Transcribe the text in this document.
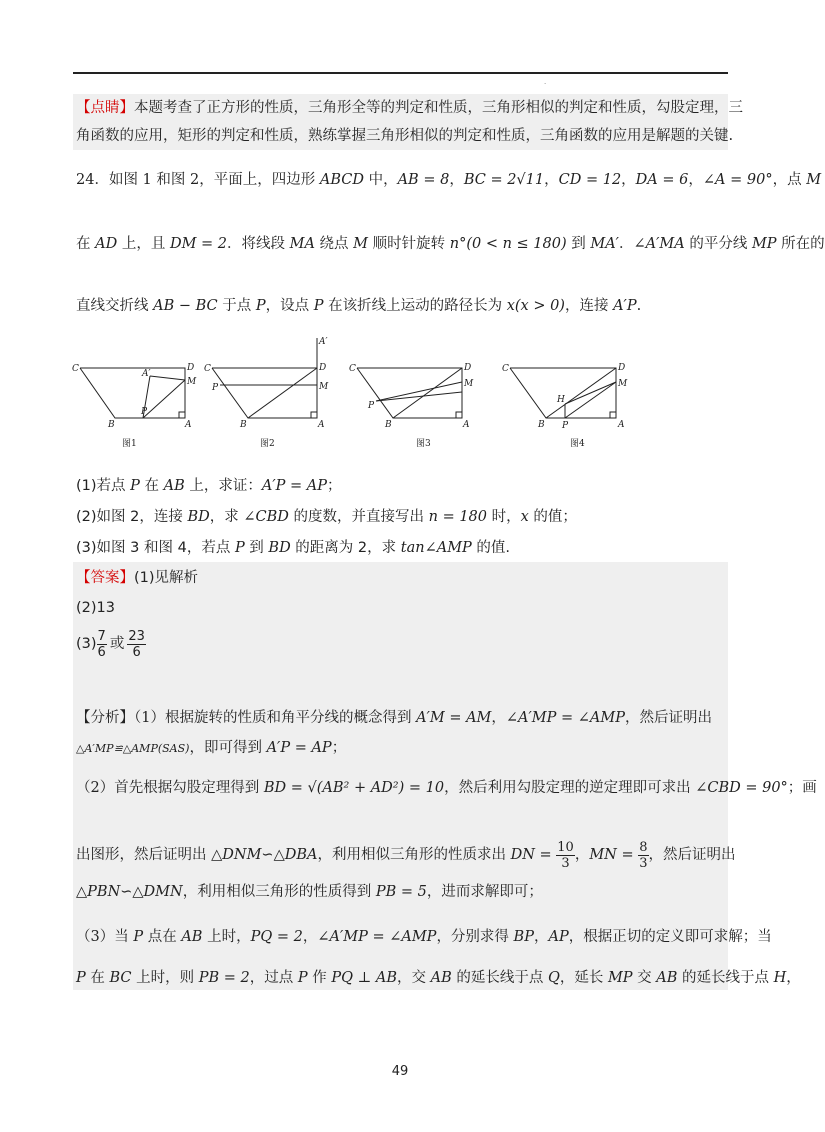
.
【点睛】本题考查了正方形的性质，三角形全等的判定和性质，三角形相似的判定和性质，勾股定理，三
角函数的应用，矩形的判定和性质，熟练掌握三角形相似的判定和性质，三角函数的应用是解题的关键.
24．如图 1 和图 2，平面上，四边形 ABCD 中，AB = 8，BC = 2√11，CD = 12，DA = 6，∠A = 90°，点 M
在 AD 上，且 DM = 2．将线段 MA 绕点 M 顺时针旋转 n°(0 < n ≤ 180) 到 MA′．∠A′MA 的平分线 MP 所在的
直线交折线 AB − BC 于点 P，设点 P 在该折线上运动的路径长为 x(x > 0)，连接 A′P.
C	D
A′
M
P
B	A
图1
C	D
A′
M
P
B	A
图2
C	D
M
P
B	A
图3
C	D
M
P
B	A
H
图4
(1)若点 P 在 AB 上，求证：A′P = AP；
(2)如图 2，连接 BD，求 ∠CBD 的度数，并直接写出 n = 180 时，x 的值；
(3)如图 3 和图 4，若点 P 到 BD 的距离为 2，求 tan∠AMP 的值.
【答案】(1)见解析
(2)13
$(3) \frac{7}{6}$ 或 $\frac{23}{6}$
【分析】（1）根据旋转的性质和角平分线的概念得到 A′M = AM，∠A′MP = ∠AMP，然后证明出
△A′MP≌△AMP(SAS)，即可得到 A′P = AP；
（2）首先根据勾股定理得到 BD = √(AB² + AD²) = 10，然后利用勾股定理的逆定理即可求出 ∠CBD = 90°；画
出图形，然后证明出 △DNM∽△DBA，利用相似三角形的性质求出 DN = $\frac{10}{3}$ ，MN = $\frac{8}{3}$ ，然后证明出
△PBN∽△DMN，利用相似三角形的性质得到 PB = 5，进而求解即可；
（3）当 P 点在 AB 上时，PQ = 2，∠A′MP = ∠AMP，分别求得 BP，AP，根据正切的定义即可求解；当
P 在 BC 上时，则 PB = 2，过点 P 作 PQ ⊥ AB，交 AB 的延长线于点 Q，延长 MP 交 AB 的延长线于点 H，
49
